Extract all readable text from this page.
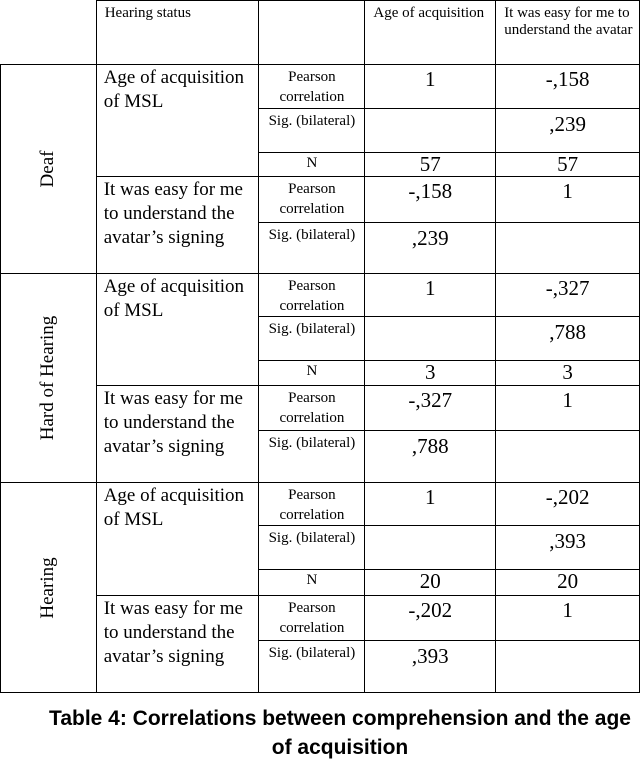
	Hearing status		Age of acquisition	It was easy for me to understand the avatar

Deaf	Age of acquisition of MSL	Pearson correlation	1	-,158
		Sig. (bilateral)		,239
		N	57	57
	It was easy for me to understand the avatar’s signing	Pearson correlation	-,158	1
		Sig. (bilateral)	,239	

Hard of Hearing	Age of acquisition of MSL	Pearson correlation	1	-,327
		Sig. (bilateral)		,788
		N	3	3
	It was easy for me to understand the avatar’s signing	Pearson correlation	-,327	1
		Sig. (bilateral)	,788	

Hearing	Age of acquisition of MSL	Pearson correlation	1	-,202
		Sig. (bilateral)		,393
		N	20	20
	It was easy for me to understand the avatar’s signing	Pearson correlation	-,202	1
		Sig. (bilateral)	,393	
Table 4: Correlations between comprehension and the age of acquisition
